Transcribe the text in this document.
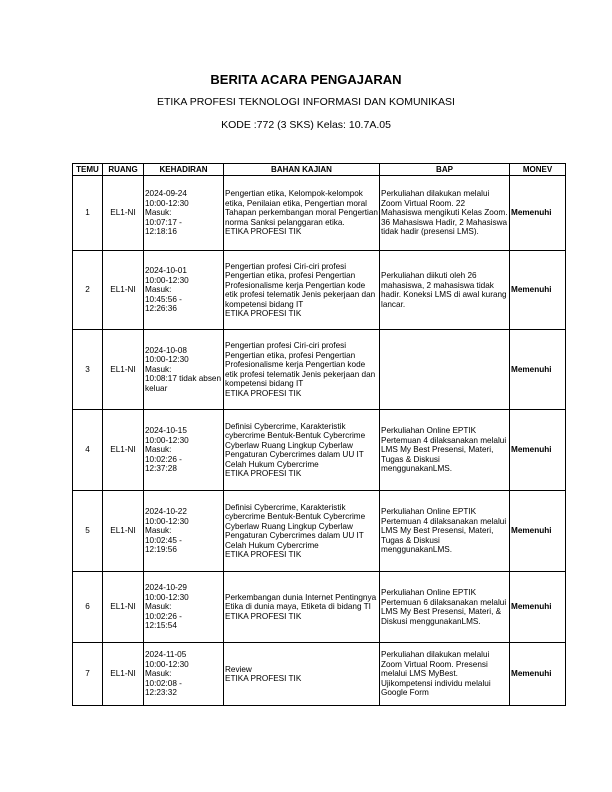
BERITA ACARA PENGAJARAN
ETIKA PROFESI TEKNOLOGI INFORMASI DAN KOMUNIKASI
KODE :772 (3 SKS) Kelas: 10.7A.05
TEMU	RUANG	KEHADIRAN	BAHAN KAJIAN	BAP	MONEV
1	EL1-NI	2024-09-24
10:00-12:30
Masuk:
10:07:17 -
12:18:16	Pengertian etika, Kelompok-kelompok etika, Penilaian etika, Pengertian moral Tahapan perkembangan moral Pengertian norma Sanksi pelanggaran etika.
ETIKA PROFESI TIK	Perkuliahan dilakukan melalui Zoom Virtual Room. 22 Mahasiswa mengikuti Kelas Zoom. 36 Mahasiswa Hadir, 2 Mahasiswa tidak hadir (presensi LMS).	Memenuhi
2	EL1-NI	2024-10-01
10:00-12:30
Masuk:
10:45:56 -
12:26:36	Pengertian profesi Ciri-ciri profesi Pengertian etika, profesi Pengertian Profesionalisme kerja Pengertian kode etik profesi telematik Jenis pekerjaan dan kompetensi bidang IT
ETIKA PROFESI TIK	Perkuliahan diikuti oleh 26 mahasiswa, 2 mahasiswa tidak hadir. Koneksi LMS di awal kurang lancar.	Memenuhi
3	EL1-NI	2024-10-08
10:00-12:30
Masuk:
10:08:17 tidak absen keluar	Pengertian profesi Ciri-ciri profesi Pengertian etika, profesi Pengertian Profesionalisme kerja Pengertian kode etik profesi telematik Jenis pekerjaan dan kompetensi bidang IT
ETIKA PROFESI TIK		Memenuhi
4	EL1-NI	2024-10-15
10:00-12:30
Masuk:
10:02:26 -
12:37:28	Definisi Cybercrime, Karakteristik cybercrime Bentuk-Bentuk Cybercrime Cyberlaw Ruang Lingkup Cyberlaw Pengaturan Cybercrimes dalam UU IT Celah Hukum Cybercrime
ETIKA PROFESI TIK	Perkuliahan Online EPTIK Pertemuan 4 dilaksanakan melalui LMS My Best Presensi, Materi, Tugas & Diskusi menggunakanLMS.	Memenuhi
5	EL1-NI	2024-10-22
10:00-12:30
Masuk:
10:02:45 -
12:19:56	Definisi Cybercrime, Karakteristik cybercrime Bentuk-Bentuk Cybercrime Cyberlaw Ruang Lingkup Cyberlaw Pengaturan Cybercrimes dalam UU IT Celah Hukum Cybercrime
ETIKA PROFESI TIK	Perkuliahan Online EPTIK Pertemuan 4 dilaksanakan melalui LMS My Best Presensi, Materi, Tugas & Diskusi menggunakanLMS.	Memenuhi
6	EL1-NI	2024-10-29
10:00-12:30
Masuk:
10:02:26 -
12:15:54	Perkembangan dunia Internet Pentingnya Etika di dunia maya, Etiketa di bidang TI
ETIKA PROFESI TIK	Perkuliahan Online EPTIK Pertemuan 6 dilaksanakan melalui LMS My Best Presensi, Materi, & Diskusi menggunakanLMS.	Memenuhi
7	EL1-NI	2024-11-05
10:00-12:30
Masuk:
10:02:08 -
12:23:32	Review
ETIKA PROFESI TIK	Perkuliahan dilakukan melalui Zoom Virtual Room. Presensi melalui LMS MyBest. Ujikompetensi individu melalui Google Form	Memenuhi
